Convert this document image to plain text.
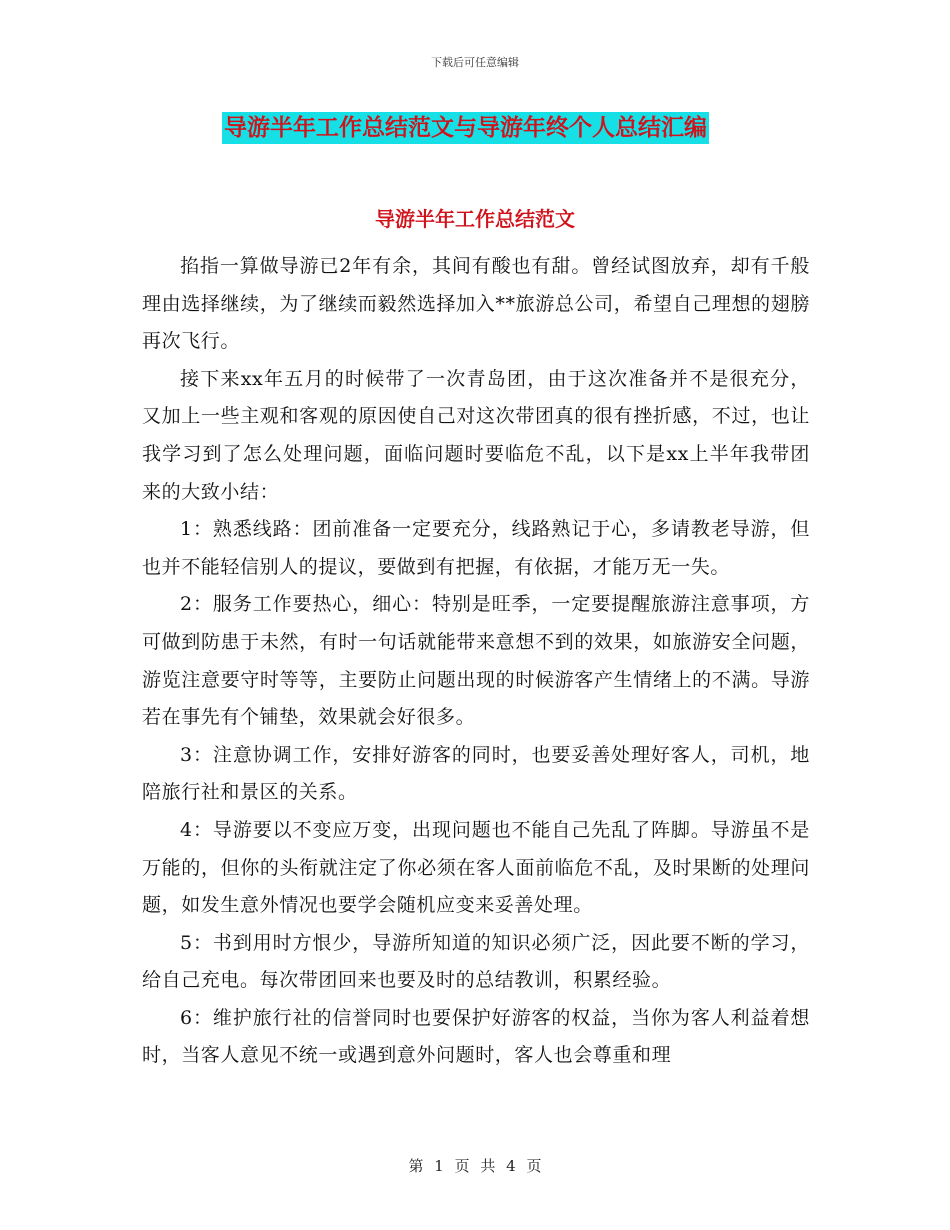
下载后可任意编辑
导游半年工作总结范文与导游年终个人总结汇编
导游半年工作总结范文

掐指一算做导游已2年有余，其间有酸也有甜。曾经试图放弃，却有千般理由选择继续，为了继续而毅然选择加入**旅游总公司，希望自己理想的翅膀再次飞行。

接下来xx年五月的时候带了一次青岛团，由于这次准备并不是很充分，又加上一些主观和客观的原因使自己对这次带团真的很有挫折感，不过，也让我学习到了怎么处理问题，面临问题时要临危不乱，以下是xx上半年我带团来的大致小结：

1：熟悉线路：团前准备一定要充分，线路熟记于心，多请教老导游，但也并不能轻信别人的提议，要做到有把握，有依据，才能万无一失。

2：服务工作要热心，细心：特别是旺季，一定要提醒旅游注意事项，方可做到防患于未然，有时一句话就能带来意想不到的效果，如旅游安全问题，游览注意要守时等等，主要防止问题出现的时候游客产生情绪上的不满。导游若在事先有个铺垫，效果就会好很多。

3：注意协调工作，安排好游客的同时，也要妥善处理好客人，司机，地陪旅行社和景区的关系。

4：导游要以不变应万变，出现问题也不能自己先乱了阵脚。导游虽不是万能的，但你的头衔就注定了你必须在客人面前临危不乱，及时果断的处理问题，如发生意外情况也要学会随机应变来妥善处理。

5：书到用时方恨少，导游所知道的知识必须广泛，因此要不断的学习，给自己充电。每次带团回来也要及时的总结教训，积累经验。

6：维护旅行社的信誉同时也要保护好游客的权益，当你为客人利益着想时，当客人意见不统一或遇到意外问题时，客人也会尊重和理

第 1 页 共 4 页
